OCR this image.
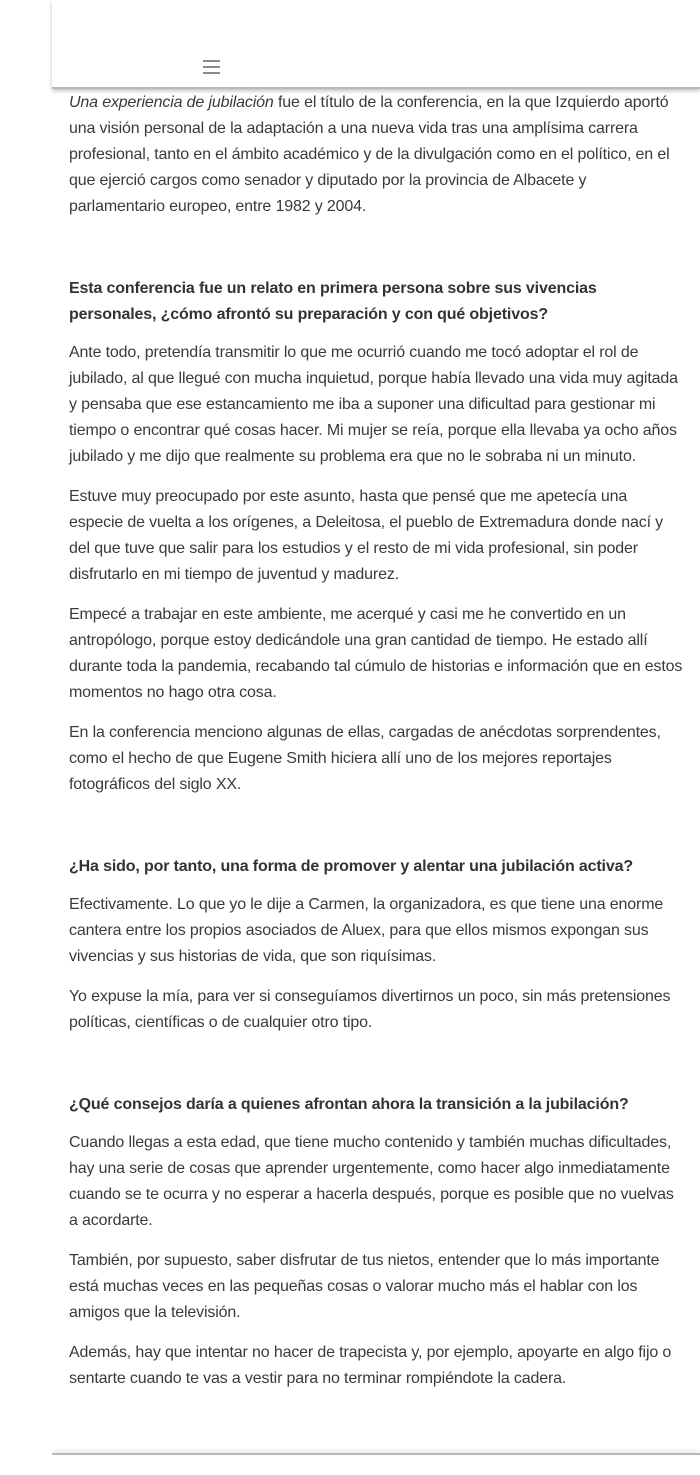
Una experiencia de jubilación fue el título de la conferencia, en la que Izquierdo aportó una visión personal de la adaptación a una nueva vida tras una amplísima carrera profesional, tanto en el ámbito académico y de la divulgación como en el político, en el que ejerció cargos como senador y diputado por la provincia de Albacete y parlamentario europeo, entre 1982 y 2004.

Esta conferencia fue un relato en primera persona sobre sus vivencias personales, ¿cómo afrontó su preparación y con qué objetivos?

Ante todo, pretendía transmitir lo que me ocurrió cuando me tocó adoptar el rol de jubilado, al que llegué con mucha inquietud, porque había llevado una vida muy agitada y pensaba que ese estancamiento me iba a suponer una dificultad para gestionar mi tiempo o encontrar qué cosas hacer. Mi mujer se reía, porque ella llevaba ya ocho años jubilado y me dijo que realmente su problema era que no le sobraba ni un minuto.

Estuve muy preocupado por este asunto, hasta que pensé que me apetecía una especie de vuelta a los orígenes, a Deleitosa, el pueblo de Extremadura donde nací y del que tuve que salir para los estudios y el resto de mi vida profesional, sin poder disfrutarlo en mi tiempo de juventud y madurez.

Empecé a trabajar en este ambiente, me acerqué y casi me he convertido en un antropólogo, porque estoy dedicándole una gran cantidad de tiempo. He estado allí durante toda la pandemia, recabando tal cúmulo de historias e información que en estos momentos no hago otra cosa.

En la conferencia menciono algunas de ellas, cargadas de anécdotas sorprendentes, como el hecho de que Eugene Smith hiciera allí uno de los mejores reportajes fotográficos del siglo XX.

¿Ha sido, por tanto, una forma de promover y alentar una jubilación activa?

Efectivamente. Lo que yo le dije a Carmen, la organizadora, es que tiene una enorme cantera entre los propios asociados de Aluex, para que ellos mismos expongan sus vivencias y sus historias de vida, que son riquísimas.

Yo expuse la mía, para ver si conseguíamos divertirnos un poco, sin más pretensiones políticas, científicas o de cualquier otro tipo.

¿Qué consejos daría a quienes afrontan ahora la transición a la jubilación?

Cuando llegas a esta edad, que tiene mucho contenido y también muchas dificultades, hay una serie de cosas que aprender urgentemente, como hacer algo inmediatamente cuando se te ocurra y no esperar a hacerla después, porque es posible que no vuelvas a acordarte.

También, por supuesto, saber disfrutar de tus nietos, entender que lo más importante está muchas veces en las pequeñas cosas o valorar mucho más el hablar con los amigos que la televisión.

Además, hay que intentar no hacer de trapecista y, por ejemplo, apoyarte en algo fijo o sentarte cuando te vas a vestir para no terminar rompiéndote la cadera.
